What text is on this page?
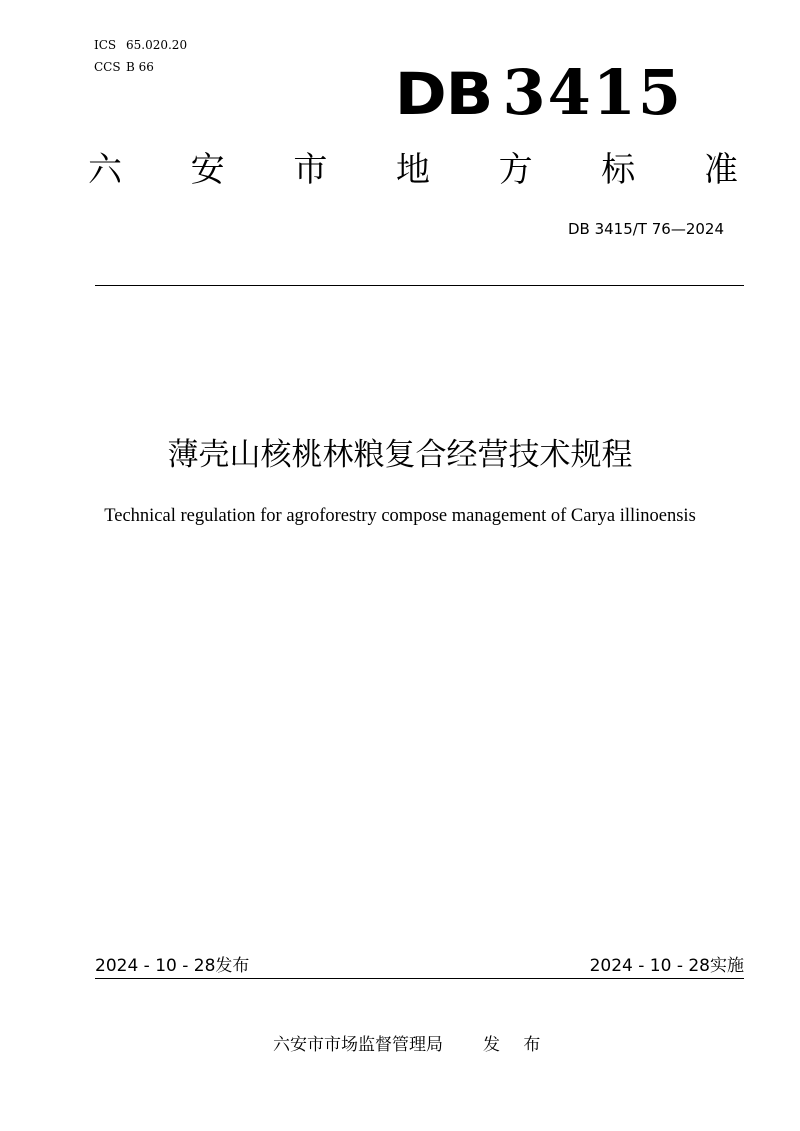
ICS 65.020.20
CCS B 66	DB 3415
六 安 市 地 方 标 准
DB 3415/T 76—2024
薄壳山核桃林粮复合经营技术规程
Technical regulation for agroforestry compose management of Carya illinoensis
2024 - 10 - 28发布	2024 - 10 - 28实施
六安市市场监督管理局 发 布
